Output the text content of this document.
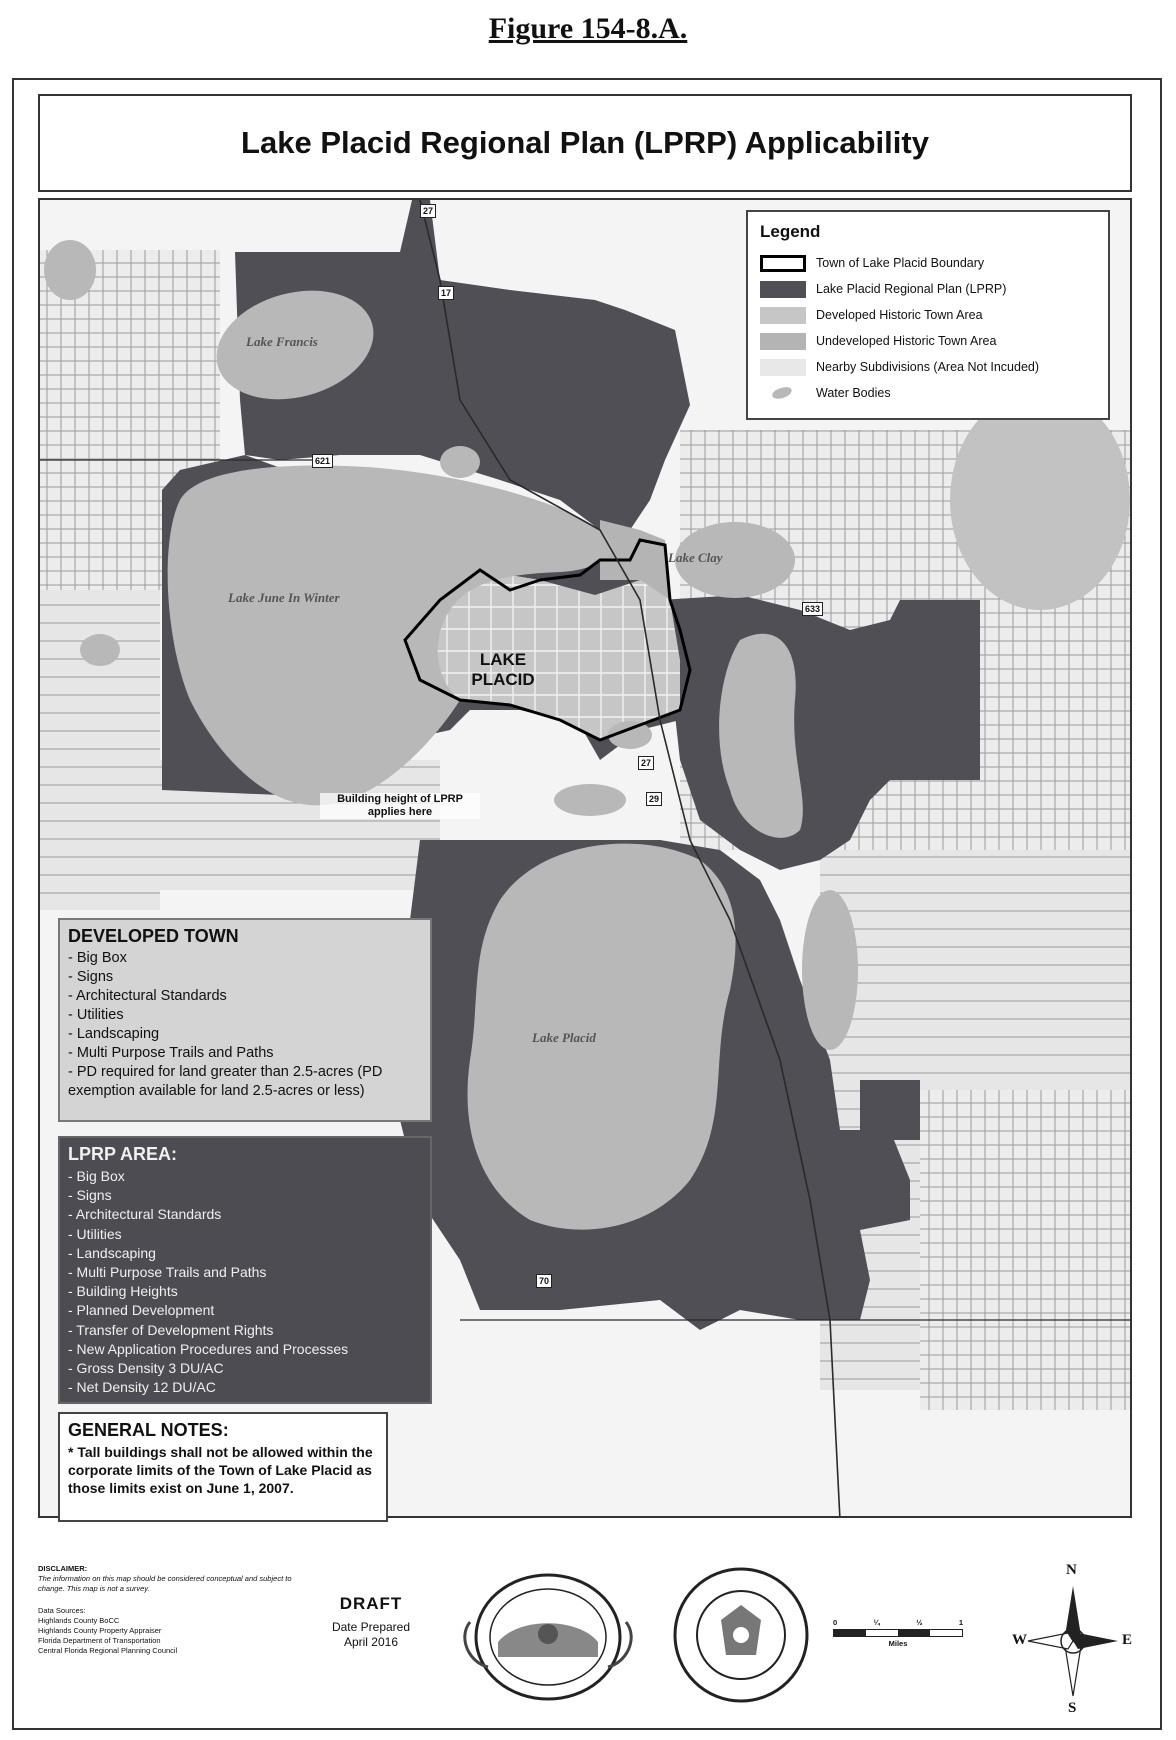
Figure 154-8.A.
Lake Placid Regional Plan (LPRP) Applicability
Lake Francis
Lake June In Winter
Lake Clay
Lake Placid
27
17
621
27
29
70
633
LAKE PLACID
Building height of LPRP applies here
Legend
Town of Lake Placid Boundary
Lake Placid Regional Plan (LPRP)
Developed Historic Town Area
Undeveloped Historic Town Area
Nearby Subdivisions (Area Not Incuded)
Water Bodies
DEVELOPED TOWN
- Big Box
- Signs
- Architectural Standards
- Utilities
- Landscaping
- Multi Purpose Trails and Paths
- PD required for land greater than 2.5-acres (PD exemption available for land 2.5-acres or less)
LPRP AREA:
- Big Box
- Signs
- Architectural Standards
- Utilities
- Landscaping
- Multi Purpose Trails and Paths
- Building Heights
- Planned Development
- Transfer of Development Rights
- New Application Procedures and Processes
- Gross Density 3 DU/AC
- Net Density 12 DU/AC
GENERAL NOTES:

* Tall buildings shall not be allowed within the corporate limits of the Town of Lake Placid as those limits exist on June 1, 2007.

DISCLAIMER:
The information on this map should be considered conceptual and subject to change. This map is not a survey.
Data Sources:
Highlands County BoCC
Highlands County Property Appraiser
Florida Department of Transportation
Central Florida Regional Planning Council
DRAFT
Date Prepared
April 2016
0	¼	½	1
Miles
N
S
W	E
